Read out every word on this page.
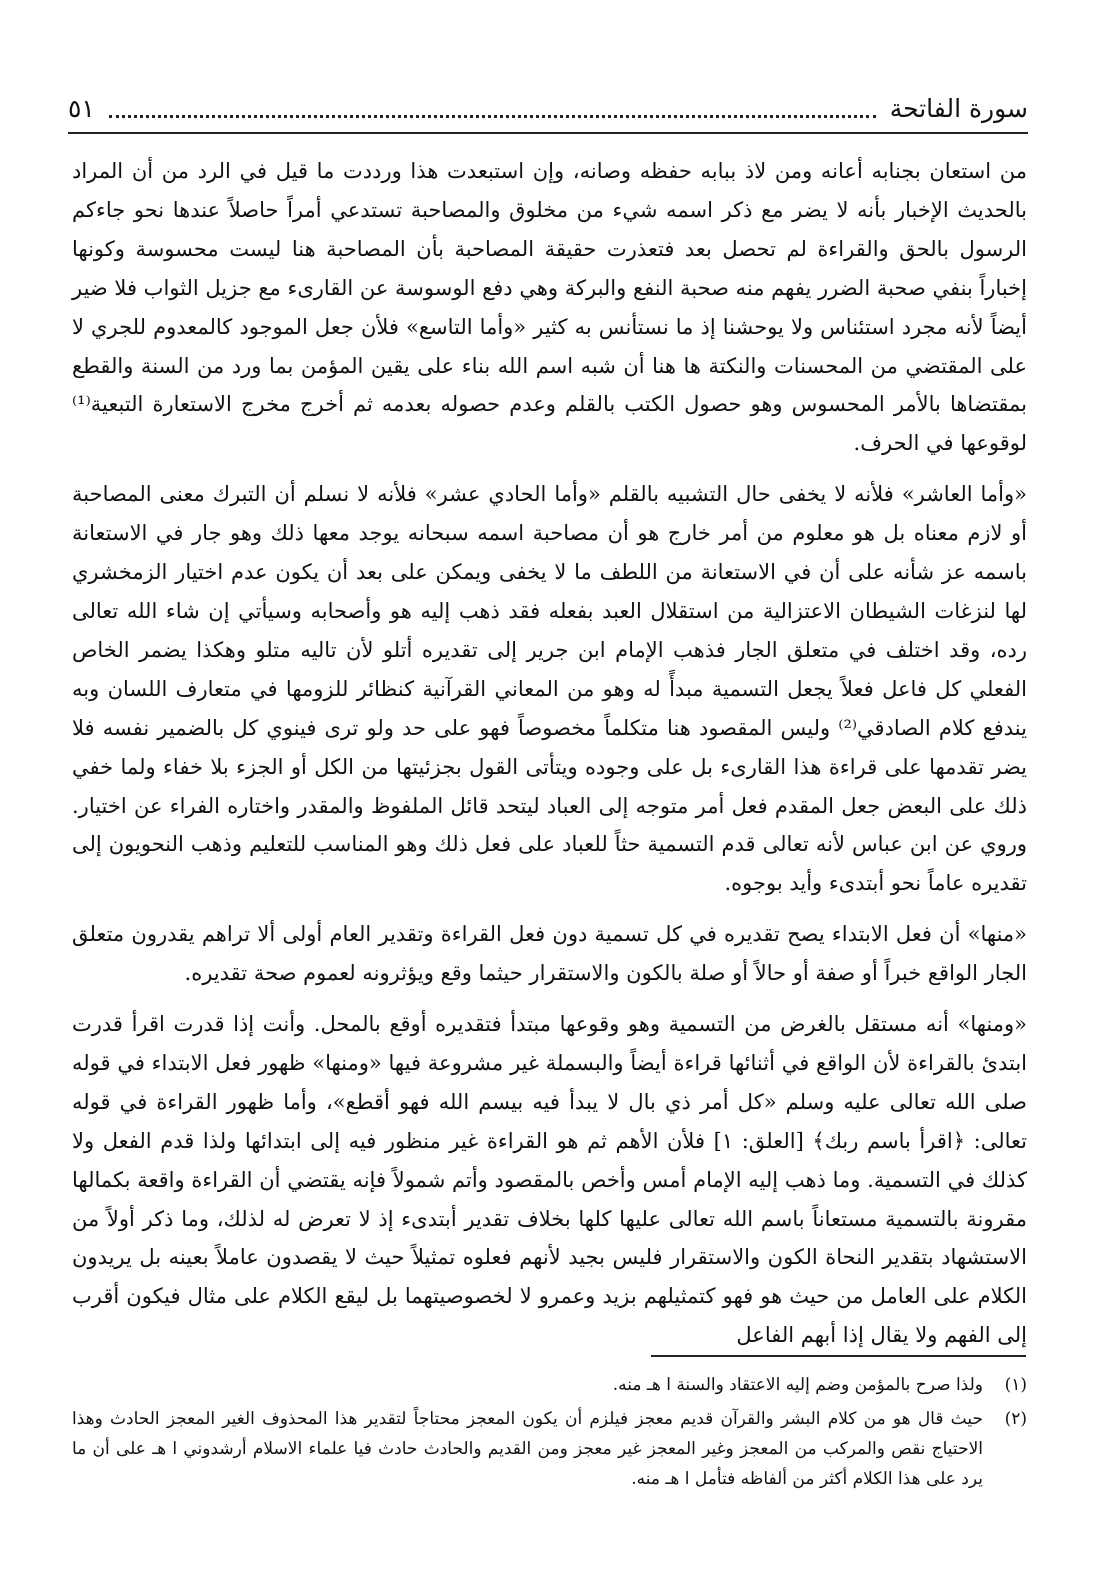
سورة الفاتحة
٥١

من استعان بجنابه أعانه ومن لاذ ببابه حفظه وصانه، وإن استبعدت هذا ورددت ما قيل في الرد من أن المراد بالحديث الإخبار بأنه لا يضر مع ذكر اسمه شيء من مخلوق والمصاحبة تستدعي أمراً حاصلاً عندها نحو جاءكم الرسول بالحق والقراءة لم تحصل بعد فتعذرت حقيقة المصاحبة بأن المصاحبة هنا ليست محسوسة وكونها إخباراً بنفي صحبة الضرر يفهم منه صحبة النفع والبركة وهي دفع الوسوسة عن القارىء مع جزيل الثواب فلا ضير أيضاً لأنه مجرد استئناس ولا يوحشنا إذ ما نستأنس به كثير «وأما التاسع» فلأن جعل الموجود كالمعدوم للجري لا على المقتضي من المحسنات والنكتة ها هنا أن شبه اسم الله بناء على يقين المؤمن بما ورد من السنة والقطع بمقتضاها بالأمر المحسوس وهو حصول الكتب بالقلم وعدم حصوله بعدمه ثم أخرج مخرج الاستعارة التبعية⁽¹⁾ لوقوعها في الحرف.

«وأما العاشر» فلأنه لا يخفى حال التشبيه بالقلم «وأما الحادي عشر» فلأنه لا نسلم أن التبرك معنى المصاحبة أو لازم معناه بل هو معلوم من أمر خارج هو أن مصاحبة اسمه سبحانه يوجد معها ذلك وهو جار في الاستعانة باسمه عز شأنه على أن في الاستعانة من اللطف ما لا يخفى ويمكن على بعد أن يكون عدم اختيار الزمخشري لها لنزغات الشيطان الاعتزالية من استقلال العبد بفعله فقد ذهب إليه هو وأصحابه وسيأتي إن شاء الله تعالى رده، وقد اختلف في متعلق الجار فذهب الإمام ابن جرير إلى تقديره أتلو لأن تاليه متلو وهكذا يضمر الخاص الفعلي كل فاعل فعلاً يجعل التسمية مبدأً له وهو من المعاني القرآنية كنظائر للزومها في متعارف اللسان وبه يندفع كلام الصادقي⁽²⁾ وليس المقصود هنا متكلماً مخصوصاً فهو على حد ولو ترى فينوي كل بالضمير نفسه فلا يضر تقدمها على قراءة هذا القارىء بل على وجوده ويتأتى القول بجزئيتها من الكل أو الجزء بلا خفاء ولما خفي ذلك على البعض جعل المقدم فعل أمر متوجه إلى العباد ليتحد قائل الملفوظ والمقدر واختاره الفراء عن اختيار. وروي عن ابن عباس لأنه تعالى قدم التسمية حثاً للعباد على فعل ذلك وهو المناسب للتعليم وذهب النحويون إلى تقديره عاماً نحو أبتدىء وأيد بوجوه.

«منها» أن فعل الابتداء يصح تقديره في كل تسمية دون فعل القراءة وتقدير العام أولى ألا تراهم يقدرون متعلق الجار الواقع خبراً أو صفة أو حالاً أو صلة بالكون والاستقرار حيثما وقع ويؤثرونه لعموم صحة تقديره.

«ومنها» أنه مستقل بالغرض من التسمية وهو وقوعها مبتدأ فتقديره أوقع بالمحل. وأنت إذا قدرت اقرأ قدرت ابتدئ بالقراءة لأن الواقع في أثنائها قراءة أيضاً والبسملة غير مشروعة فيها «ومنها» ظهور فعل الابتداء في قوله صلى الله تعالى عليه وسلم «كل أمر ذي بال لا يبدأ فيه بيسم الله فهو أقطع»، وأما ظهور القراءة في قوله تعالى: ﴿اقرأ باسم ربك﴾ [العلق: ١] فلأن الأهم ثم هو القراءة غير منظور فيه إلى ابتدائها ولذا قدم الفعل ولا كذلك في التسمية. وما ذهب إليه الإمام أمس وأخص بالمقصود وأتم شمولاً فإنه يقتضي أن القراءة واقعة بكمالها مقرونة بالتسمية مستعاناً باسم الله تعالى عليها كلها بخلاف تقدير أبتدىء إذ لا تعرض له لذلك، وما ذكر أولاً من الاستشهاد بتقدير النحاة الكون والاستقرار فليس بجيد لأنهم فعلوه تمثيلاً حيث لا يقصدون عاملاً بعينه بل يريدون الكلام على العامل من حيث هو فهو كتمثيلهم بزيد وعمرو لا لخصوصيتهما بل ليقع الكلام على مثال فيكون أقرب إلى الفهم ولا يقال إذا أبهم الفاعل

(١)
ولذا صرح بالمؤمن وضم إليه الاعتقاد والسنة ا هـ منه.
(٢)
حيث قال هو من كلام البشر والقرآن قديم معجز فيلزم أن يكون المعجز محتاجاً لتقدير هذا المحذوف الغير المعجز الحادث وهذا الاحتياج نقص والمركب من المعجز وغير المعجز غير معجز ومن القديم والحادث حادث فيا علماء الاسلام أرشدوني ا هـ على أن ما يرد على هذا الكلام أكثر من ألفاظه فتأمل ا هـ منه.
